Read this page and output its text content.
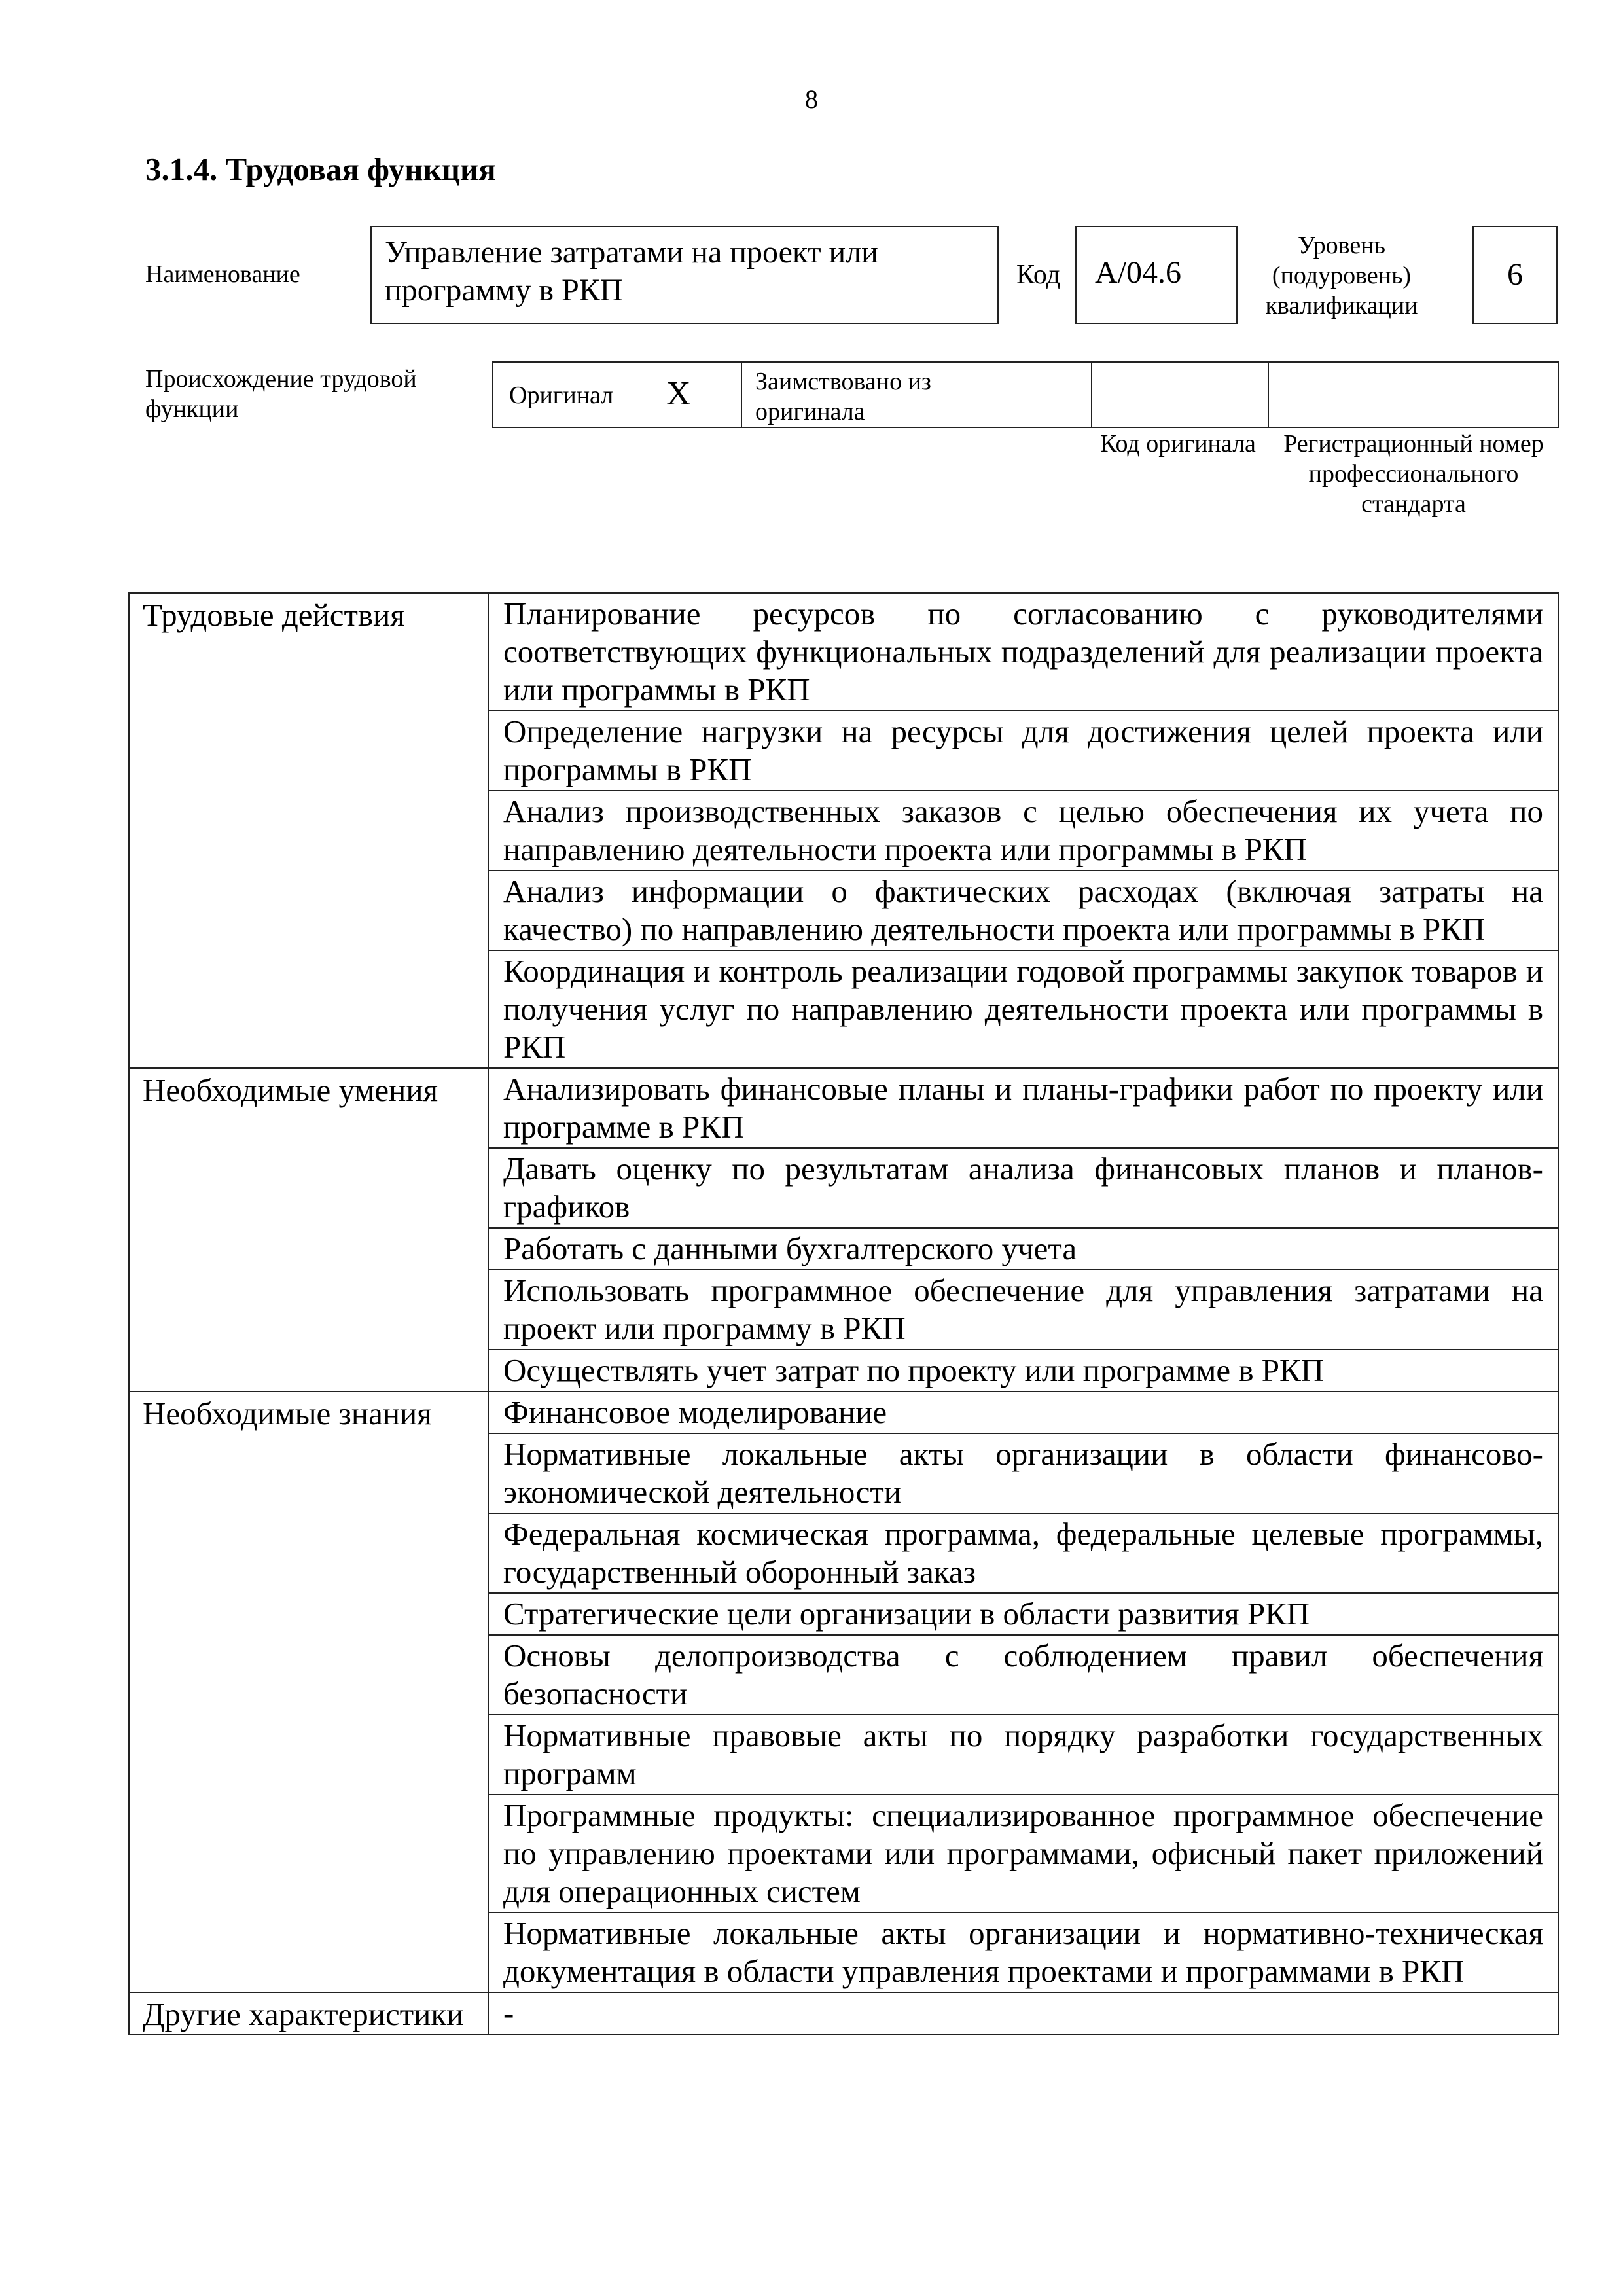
8
3.1.4. Трудовая функция
Наименование
Управление затратами на проект или программу в РКП	Код	А/04.6
Уровень (подуровень) квалификации
6
Происхождение трудовой функции	Оригинал X	Заимствовано из оригинала
Код оригинала	Регистрационный номер профессионального стандарта
Трудовые действия	Планирование ресурсов по согласованию с руководителями соответствующих функциональных подразделений для реализации проекта или программы в РКП
	Определение нагрузки на ресурсы для достижения целей проекта или программы в РКП
	Анализ производственных заказов с целью обеспечения их учета по направлению деятельности проекта или программы в РКП
	Анализ информации о фактических расходах (включая затраты на качество) по направлению деятельности проекта или программы в РКП
	Координация и контроль реализации годовой программы закупок товаров и получения услуг по направлению деятельности проекта или программы в РКП
Необходимые умения	Анализировать финансовые планы и планы-графики работ по проекту или программе в РКП
	Давать оценку по результатам анализа финансовых планов и планов-графиков
	Работать с данными бухгалтерского учета
	Использовать программное обеспечение для управления затратами на проект или программу в РКП
	Осуществлять учет затрат по проекту или программе в РКП
Необходимые знания	Финансовое моделирование
	Нормативные локальные акты организации в области финансово-экономической деятельности
	Федеральная космическая программа, федеральные целевые программы, государственный оборонный заказ
	Стратегические цели организации в области развития РКП
	Основы делопроизводства с соблюдением правил обеспечения безопасности
	Нормативные правовые акты по порядку разработки государственных программ
	Программные продукты: специализированное программное обеспечение по управлению проектами или программами, офисный пакет приложений для операционных систем
	Нормативные локальные акты организации и нормативно-техническая документация в области управления проектами и программами в РКП
Другие характеристики	-
